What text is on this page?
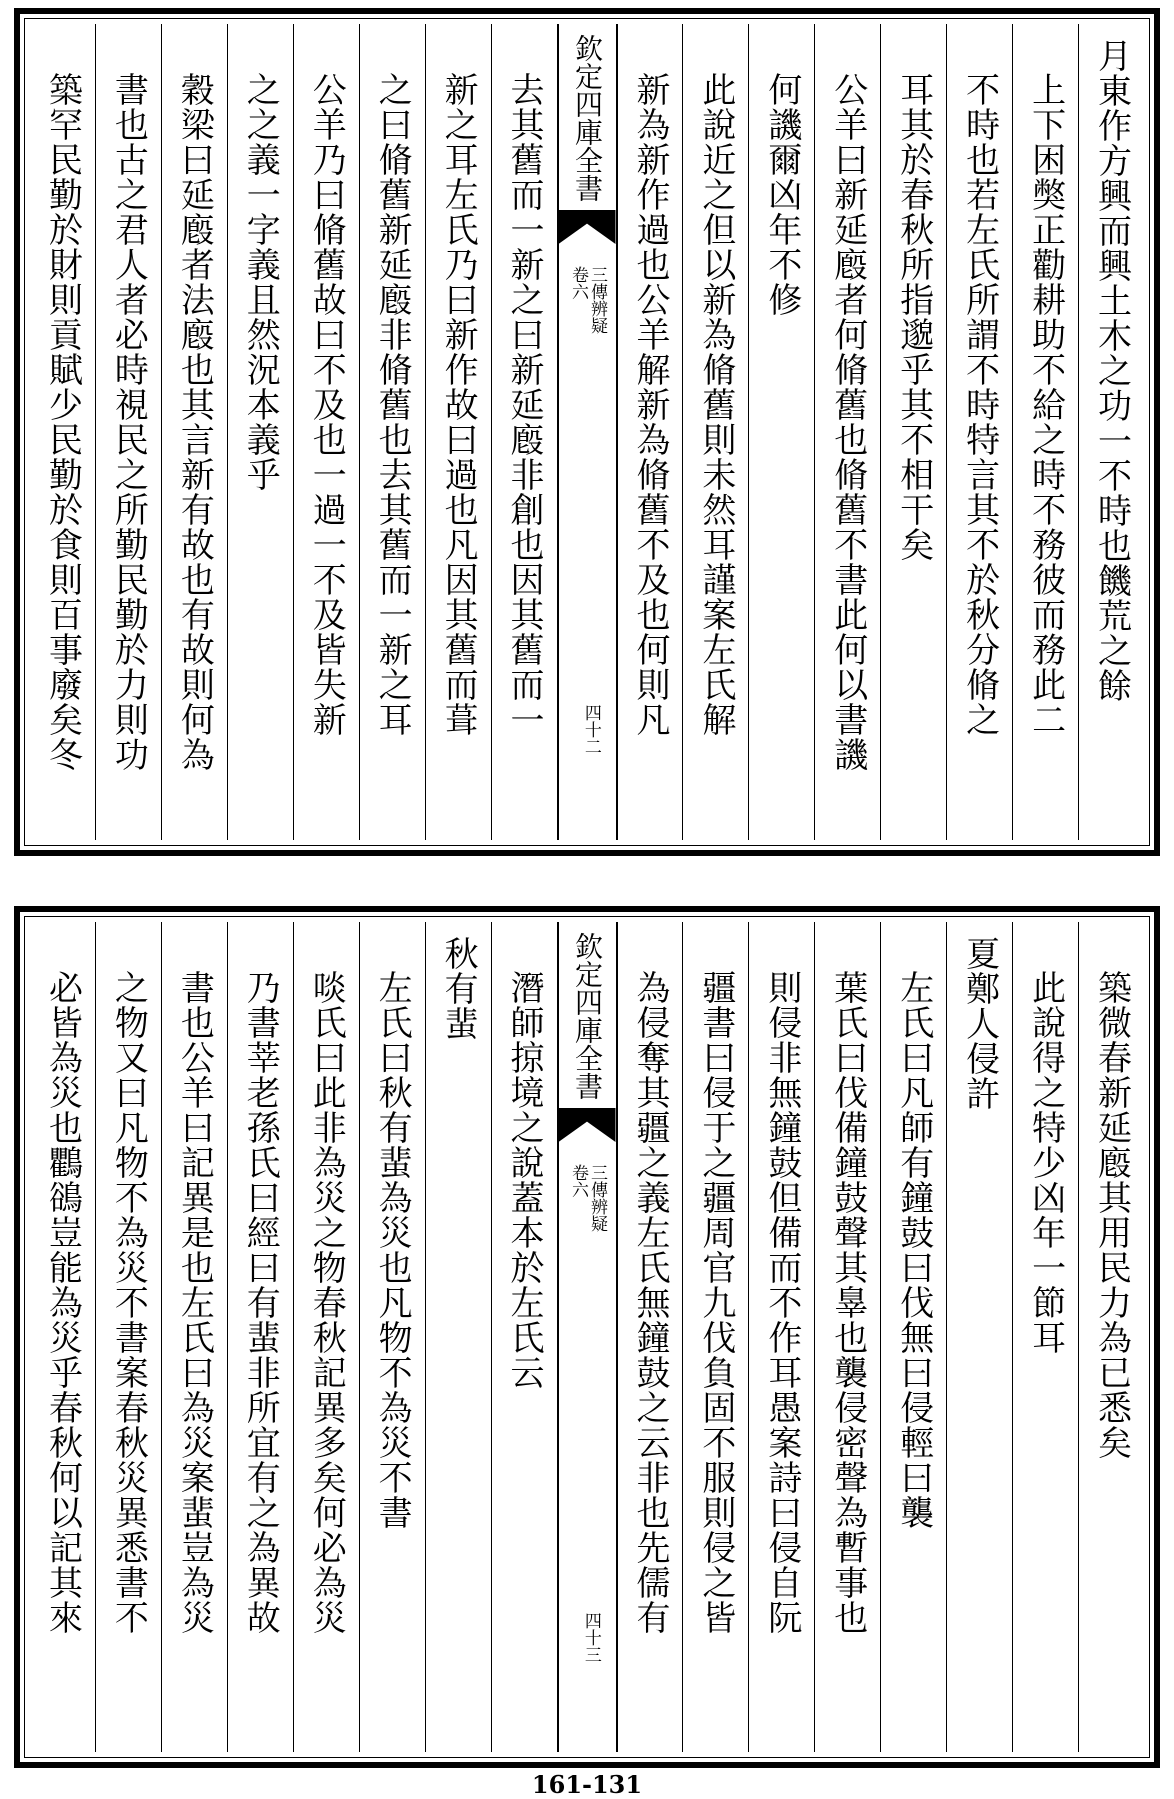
月東作方興而興土木之功一不時也饑荒之餘
上下困獘正勸耕助不給之時不務彼而務此二
不時也若左氏所謂不時特言其不於秋分脩之
耳其於春秋所指邈乎其不相干矣
公羊曰新延廏者何脩舊也脩舊不書此何以書譏
何譏爾凶年不修
此說近之但以新為脩舊則未然耳謹案左氏解
新為新作過也公羊解新為脩舊不及也何則凡
欽定四庫全書
三傳辨疑
卷六
四十二
去其舊而一新之曰新延廏非創也因其舊而一
新之耳左氏乃曰新作故曰過也凡因其舊而葺
之曰脩舊新延廏非脩舊也去其舊而一新之耳
公羊乃曰脩舊故曰不及也一過一不及皆失新
之之義一字義且然況本義乎
穀梁曰延廏者法廏也其言新有故也有故則何為
書也古之君人者必時視民之所勤民勤於力則功
築罕民勤於財則貢賦少民勤於食則百事廢矣冬
築微春新延廏其用民力為已悉矣
此說得之特少凶年一節耳
夏鄭人侵許
左氏曰凡師有鐘鼓曰伐無曰侵輕曰襲
葉氏曰伐備鐘鼓聲其辠也襲侵密聲為暫事也
則侵非無鐘鼓但備而不作耳愚案詩曰侵自阮
疆書曰侵于之疆周官九伐負固不服則侵之皆
為侵奪其疆之義左氏無鐘鼓之云非也先儒有
欽定四庫全書
三傳辨疑
卷六
四十三
潛師掠境之說蓋本於左氏云
秋有蜚
左氏曰秋有蜚為災也凡物不為災不書
啖氏曰此非為災之物春秋記異多矣何必為災
乃書莘老孫氏曰經曰有蜚非所宜有之為異故
書也公羊曰記異是也左氏曰為災案蜚豈為災
之物又曰凡物不為災不書案春秋災異悉書不
必皆為災也鸜鵒豈能為災乎春秋何以記其來
161-131
